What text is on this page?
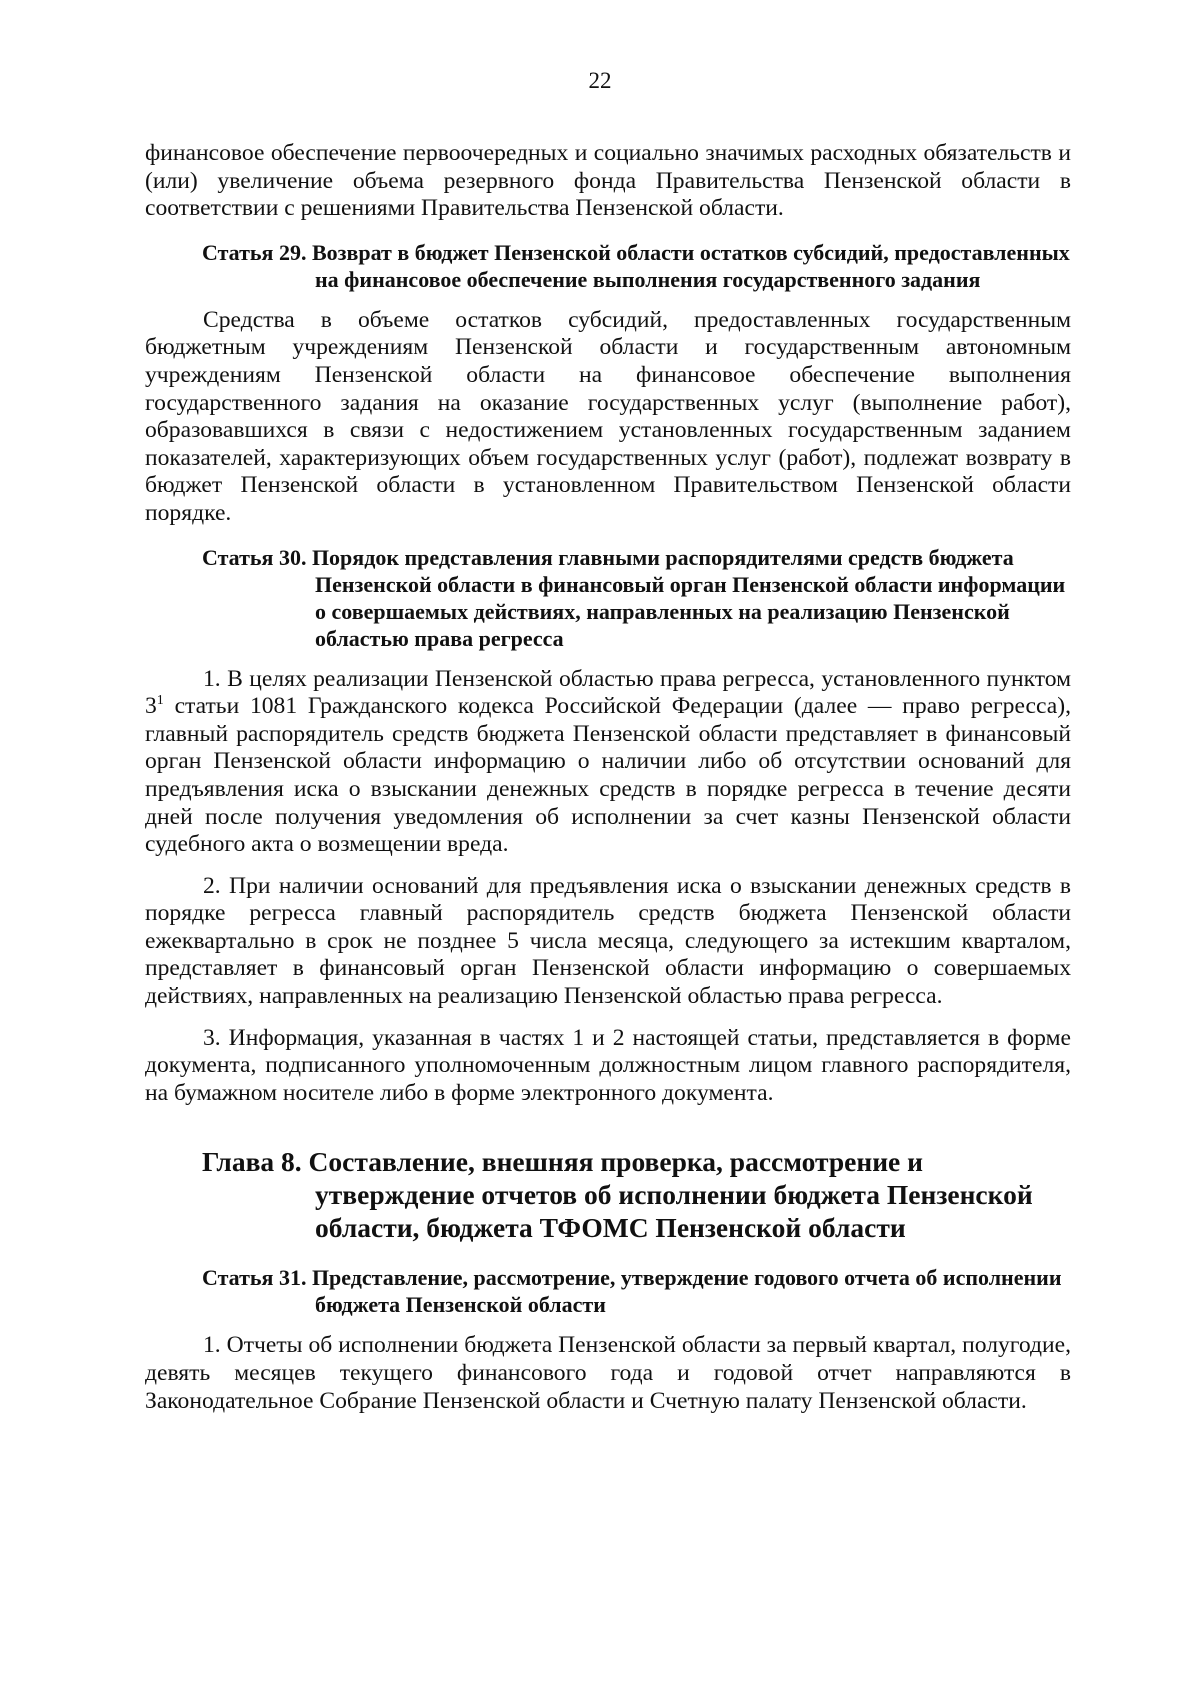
22

финансовое обеспечение первоочередных и социально значимых расходных обязательств и (или) увеличение объема резервного фонда Правительства Пензенской области в соответствии с решениями Правительства Пензенской области.

Статья 29. Возврат в бюджет Пензенской области остатков субсидий, предоставленных на финансовое обеспечение выполнения государственного задания

Средства в объеме остатков субсидий, предоставленных государственным бюджетным учреждениям Пензенской области и государственным автономным учреждениям Пензенской области на финансовое обеспечение выполнения государственного задания на оказание государственных услуг (выполнение работ), образовавшихся в связи с недостижением установленных государственным заданием показателей, характеризующих объем государственных услуг (работ), подлежат возврату в бюджет Пензенской области в установленном Правительством Пензенской области порядке.

Статья 30. Порядок представления главными распорядителями средств бюджета Пензенской области в финансовый орган Пензенской области информации о совершаемых действиях, направленных на реализацию Пензенской областью права регресса

1. В целях реализации Пензенской областью права регресса, установленного пунктом $3^1$ статьи 1081 Гражданского кодекса Российской Федерации (далее — право регресса), главный распорядитель средств бюджета Пензенской области представляет в финансовый орган Пензенской области информацию о наличии либо об отсутствии оснований для предъявления иска о взыскании денежных средств в порядке регресса в течение десяти дней после получения уведомления об исполнении за счет казны Пензенской области судебного акта о возмещении вреда.

2. При наличии оснований для предъявления иска о взыскании денежных средств в порядке регресса главный распорядитель средств бюджета Пензенской области ежеквартально в срок не позднее 5 числа месяца, следующего за истекшим кварталом, представляет в финансовый орган Пензенской области информацию о совершаемых действиях, направленных на реализацию Пензенской областью права регресса.

3. Информация, указанная в частях 1 и 2 настоящей статьи, представляется в форме документа, подписанного уполномоченным должностным лицом главного распорядителя, на бумажном носителе либо в форме электронного документа.

Глава 8. Составление, внешняя проверка, рассмотрение и утверждение отчетов об исполнении бюджета Пензенской области, бюджета ТФОМС Пензенской области

Статья 31. Представление, рассмотрение, утверждение годового отчета об исполнении бюджета Пензенской области

1. Отчеты об исполнении бюджета Пензенской области за первый квартал, полугодие, девять месяцев текущего финансового года и годовой отчет направляются в Законодательное Собрание Пензенской области и Счетную палату Пензенской области.
